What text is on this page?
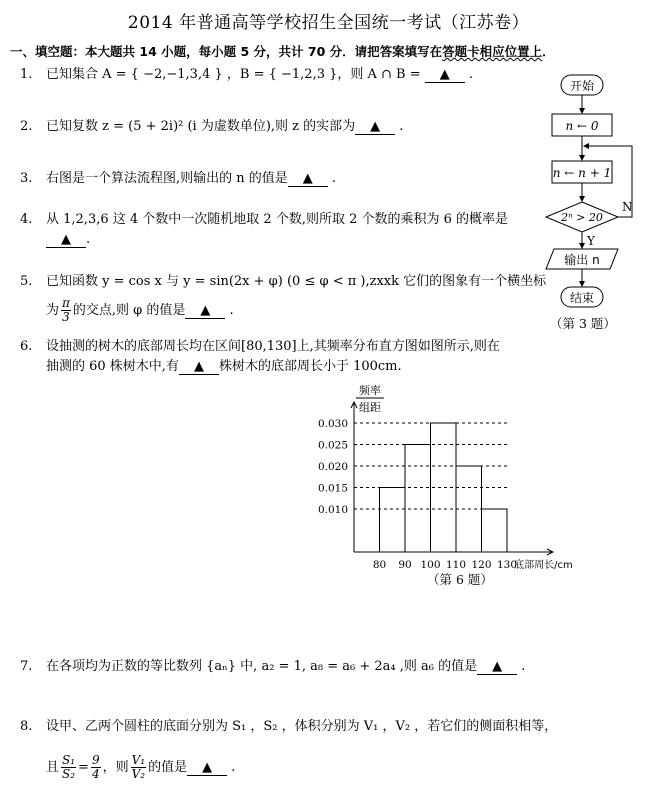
2014 年普通高等学校招生全国统一考试（江苏卷）
一、填空题：本大题共 14 小题，每小题 5 分，共计 70 分．请把答案填写在答题卡相应位置上．
1. 已知集合 A = { −2,−1,3,4 } ，B = { −1,2,3 }，则 A ∩ B = ▲ .
2. 已知复数 z = (5 + 2i)² (i 为虚数单位),则 z 的实部为 ▲ .
3. 右图是一个算法流程图,则输出的 n 的值是 ▲ .
4. 从 1,2,3,6 这 4 个数中一次随机地取 2 个数,则所取 2 个数的乘积为 6 的概率是
▲ .
5. 已知函数 y = cos x 与 y = sin(2x + φ) (0 ≤ φ < π ),zxxk 它们的图象有一个横坐标
为 $\frac{\pi}{3}$ 的交点,则 φ 的值是 ▲ .
6. 设抽测的树木的底部周长均在区间[80,130]上,其频率分布直方图如图所示,则在
抽测的 60 株树木中,有 ▲ 株树木的底部周长小于 100cm.
0.030
0.025
0.020
0.015
0.010
80 90 100 110 120 130
底部周长/cm
频率
组距
（第 6 题）
开始
n ← 0
n ← n + 1
2ⁿ > 20
N
Y
输出 n
结束
（第 3 题）
7. 在各项均为正数的等比数列 {aₙ} 中, a₂ = 1, a₈ = a₆ + 2a₄ ,则 a₆ 的值是 ▲ .
8. 设甲、乙两个圆柱的底面分别为 S₁ ，S₂ ，体积分别为 V₁ ，V₂ ，若它们的侧面积相等，
且 $\frac{\text{S₁}}{\text{S₂}} = \frac{9}{4}$ ，则 $\frac{\text{V₁}}{\text{V₂}}$ 的值是 ▲ .
